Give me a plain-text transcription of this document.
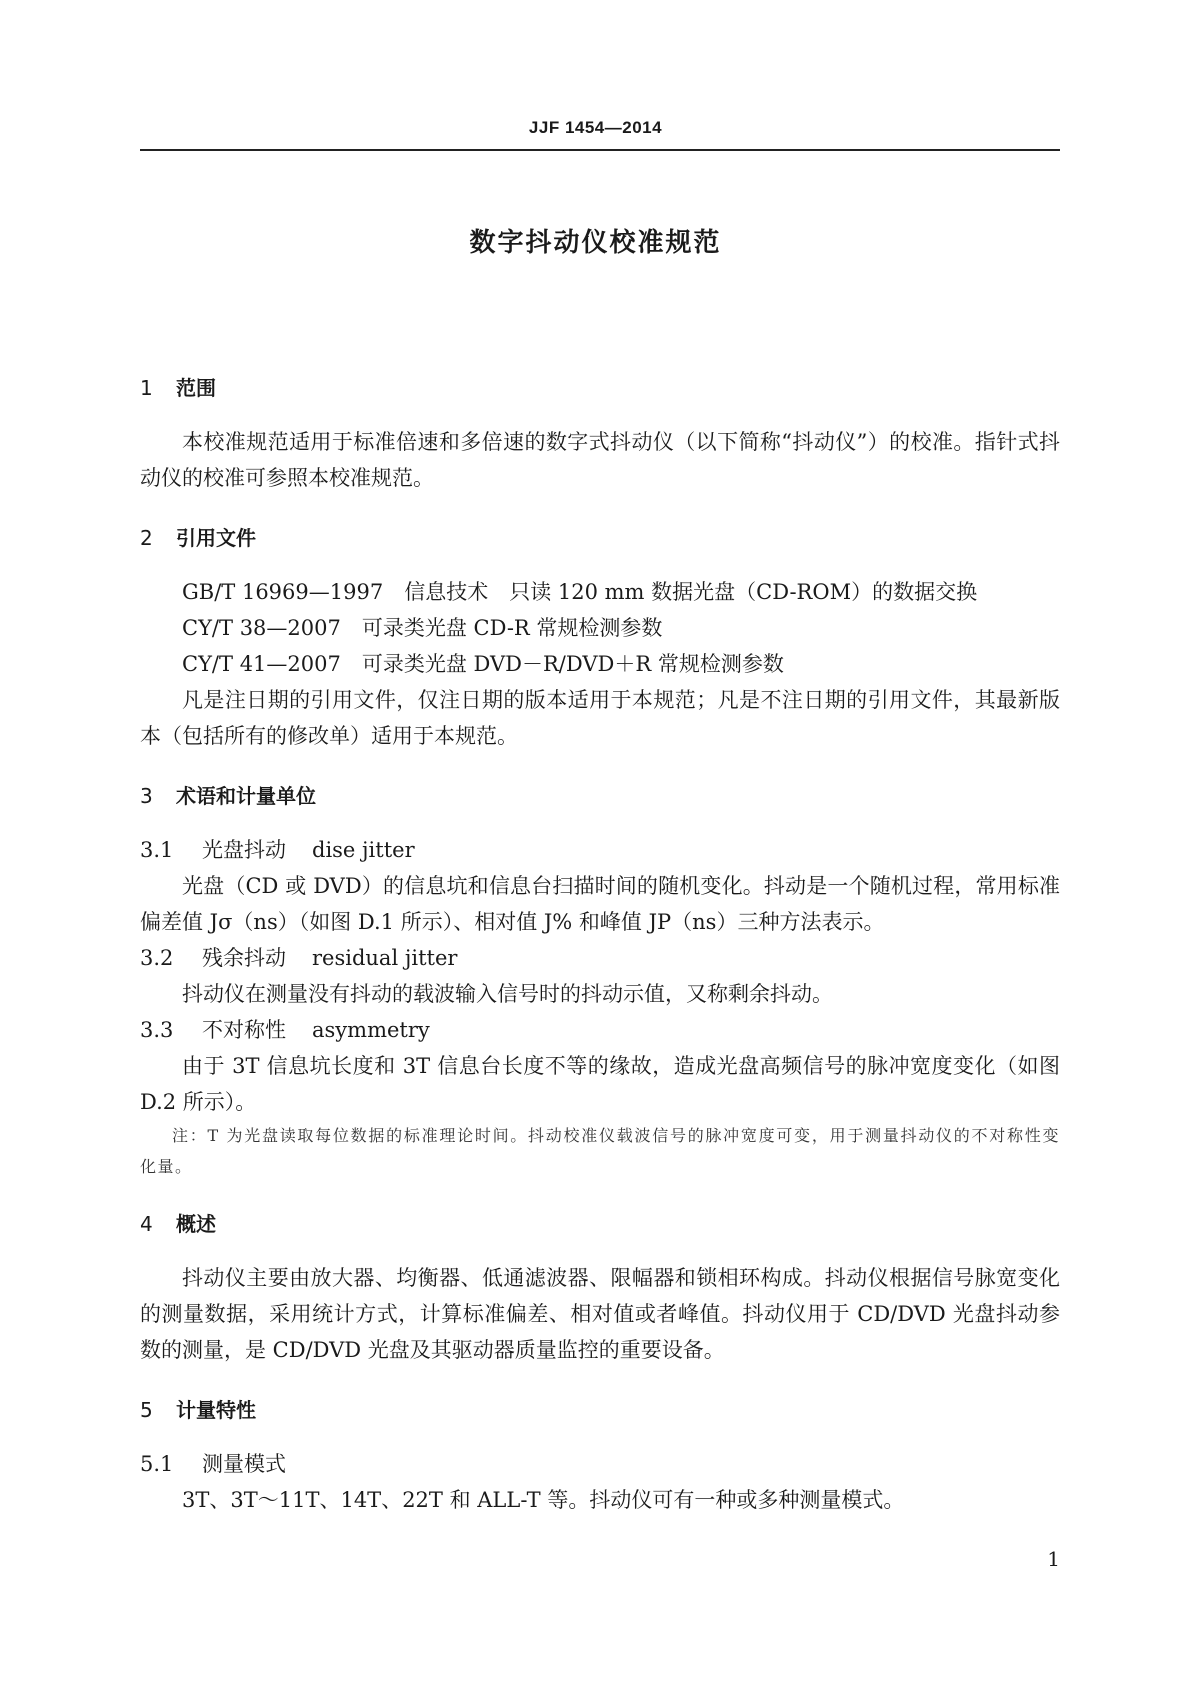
JJF 1454—2014
数字抖动仪校准规范
1 范围

本校准规范适用于标准倍速和多倍速的数字式抖动仪（以下简称“抖动仪”）的校准。指针式抖动仪的校准可参照本校准规范。

2 引用文件

GB/T 16969—1997　信息技术　只读 120 mm 数据光盘（CD-ROM）的数据交换

CY/T 38—2007　可录类光盘 CD-R 常规检测参数

CY/T 41—2007　可录类光盘 DVD－R/DVD＋R 常规检测参数

凡是注日期的引用文件，仅注日期的版本适用于本规范；凡是不注日期的引用文件，其最新版本（包括所有的修改单）适用于本规范。

3 术语和计量单位

3.1 光盘抖动 dise jitter

光盘（CD 或 DVD）的信息坑和信息台扫描时间的随机变化。抖动是一个随机过程，常用标准偏差值 Jσ（ns）（如图 D.1 所示）、相对值 J% 和峰值 JP（ns）三种方法表示。

3.2 残余抖动 residual jitter

抖动仪在测量没有抖动的载波输入信号时的抖动示值，又称剩余抖动。

3.3 不对称性 asymmetry

由于 3T 信息坑长度和 3T 信息台长度不等的缘故，造成光盘高频信号的脉冲宽度变化（如图 D.2 所示）。

注：T 为光盘读取每位数据的标准理论时间。抖动校准仪载波信号的脉冲宽度可变，用于测量抖动仪的不对称性变化量。

4 概述

抖动仪主要由放大器、均衡器、低通滤波器、限幅器和锁相环构成。抖动仪根据信号脉宽变化的测量数据，采用统计方式，计算标准偏差、相对值或者峰值。抖动仪用于 CD/DVD 光盘抖动参数的测量，是 CD/DVD 光盘及其驱动器质量监控的重要设备。

5 计量特性

5.1 测量模式

3T、3T～11T、14T、22T 和 ALL-T 等。抖动仪可有一种或多种测量模式。

1
